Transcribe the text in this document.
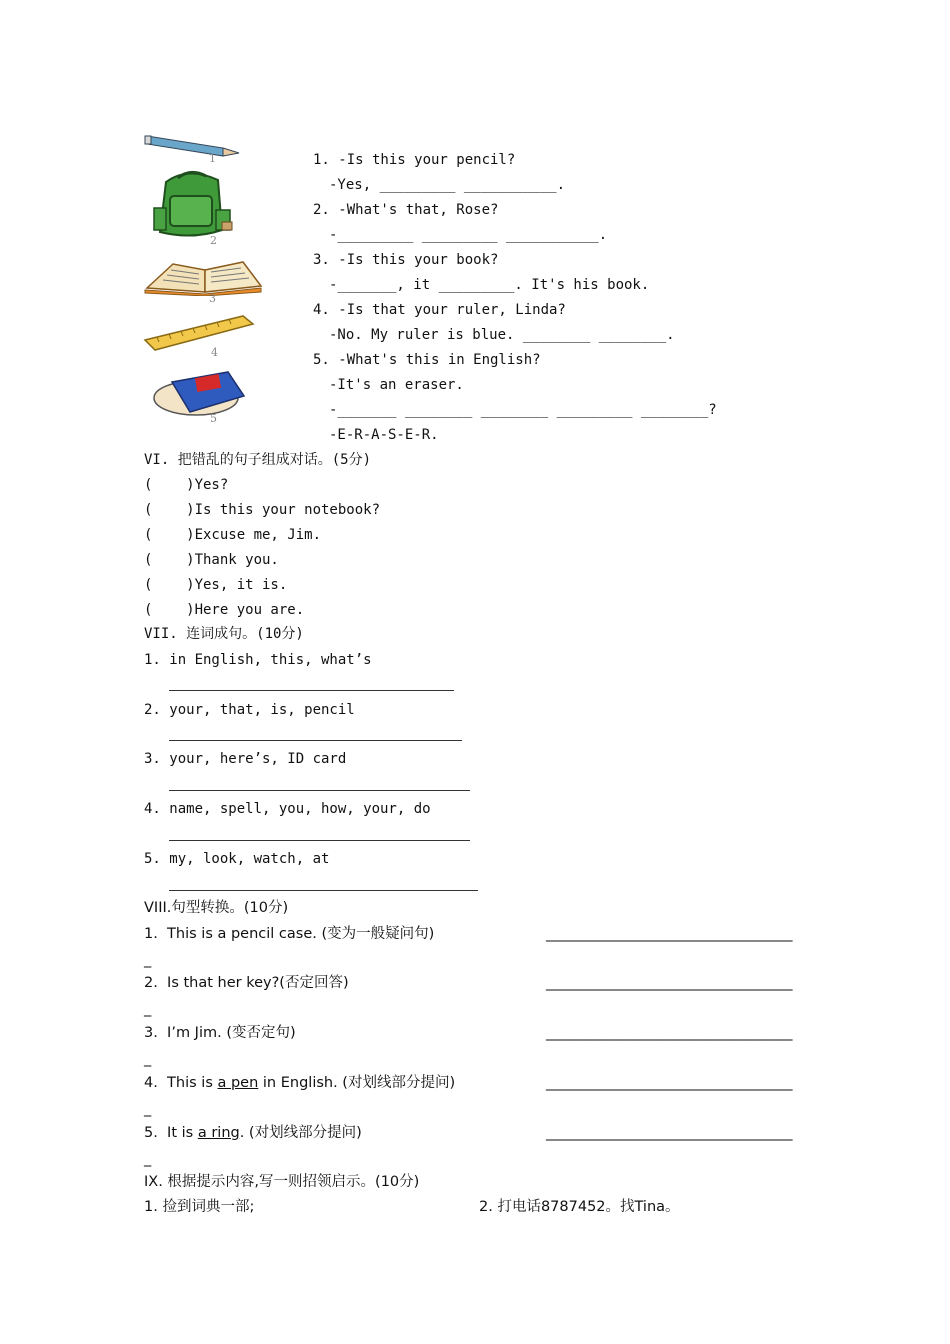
1
2
3
4
5
1. -Is this your pencil?
-Yes, _________ ___________.
2. -What's that, Rose?
-_________ _________ ___________.
3. -Is this your book?
-_______, it _________. It's his book.
4. -Is that your ruler, Linda?
-No. My ruler is blue. ________ ________.
5. -What's this in English?
-It's an eraser.
-_______ ________ ________ _________ ________?
-E-R-A-S-E-R.
VI. 把错乱的句子组成对话。(5分)
(    )Yes?
(    )Is this your notebook?
(    )Excuse me, Jim.
(    )Thank you.
(    )Yes, it is.
(    )Here you are.
VII. 连词成句。(10分)
1. in English, this, what’s
2. your, that, is, pencil
3. your, here’s, ID card
4. name, spell, you, how, your, do
5. my, look, watch, at
VIII.句型转换。(10分)
1.  This is a pencil case. (变为一般疑问句)	__________________________________
_
2.  Is that her key?(否定回答)	__________________________________
_
3.  I’m Jim. (变否定句)	__________________________________
_
4.  This is a pen in English. (对划线部分提问)	__________________________________
_
5.  It is a ring. (对划线部分提问)	__________________________________
_
IX. 根据提示内容,写一则招领启示。(10分)
1. 捡到词典一部;	2. 打电话8787452。找Tina。
